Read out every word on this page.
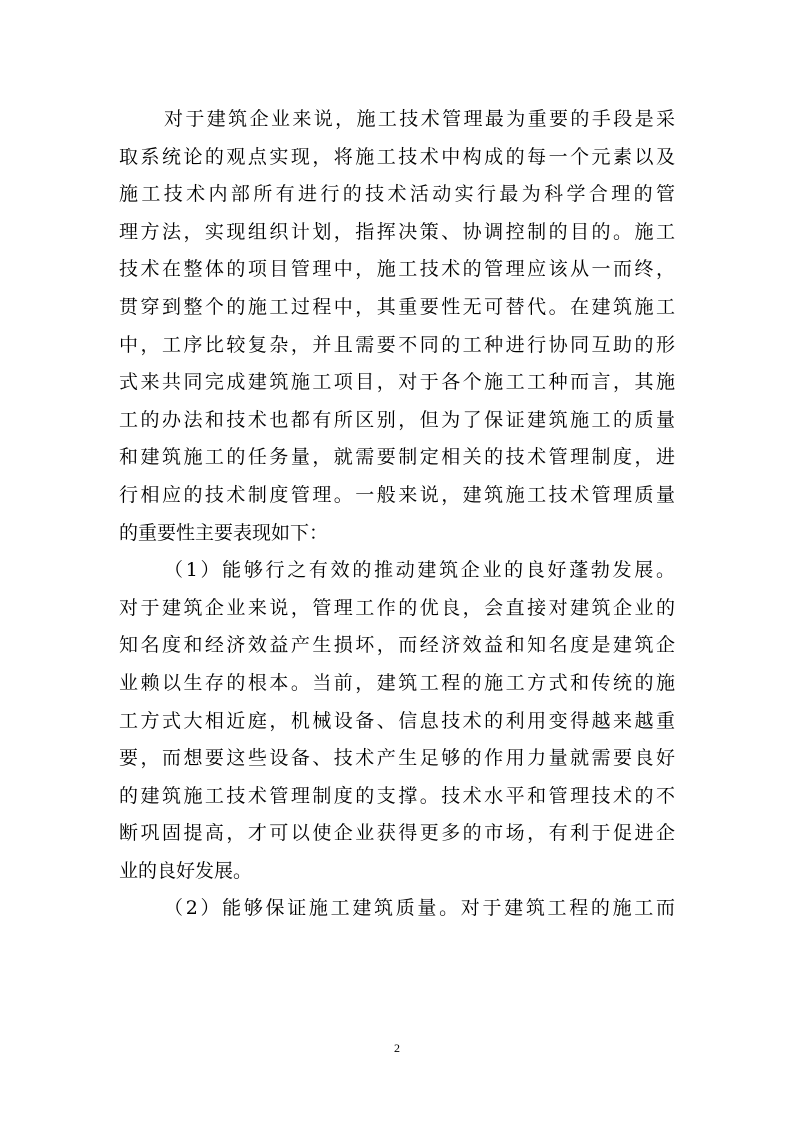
对于建筑企业来说，施工技术管理最为重要的手段是采
取系统论的观点实现，将施工技术中构成的每一个元素以及
施工技术内部所有进行的技术活动实行最为科学合理的管
理方法，实现组织计划，指挥决策、协调控制的目的。施工
技术在整体的项目管理中，施工技术的管理应该从一而终，
贯穿到整个的施工过程中，其重要性无可替代。在建筑施工
中，工序比较复杂，并且需要不同的工种进行协同互助的形
式来共同完成建筑施工项目，对于各个施工工种而言，其施
工的办法和技术也都有所区别，但为了保证建筑施工的质量
和建筑施工的任务量，就需要制定相关的技术管理制度，进
行相应的技术制度管理。一般来说，建筑施工技术管理质量
的重要性主要表现如下：
（1）能够行之有效的推动建筑企业的良好蓬勃发展。
对于建筑企业来说，管理工作的优良，会直接对建筑企业的
知名度和经济效益产生损坏，而经济效益和知名度是建筑企
业赖以生存的根本。当前，建筑工程的施工方式和传统的施
工方式大相近庭，机械设备、信息技术的利用变得越来越重
要，而想要这些设备、技术产生足够的作用力量就需要良好
的建筑施工技术管理制度的支撑。技术水平和管理技术的不
断巩固提高，才可以使企业获得更多的市场，有利于促进企
业的良好发展。
（2）能够保证施工建筑质量。对于建筑工程的施工而
2
